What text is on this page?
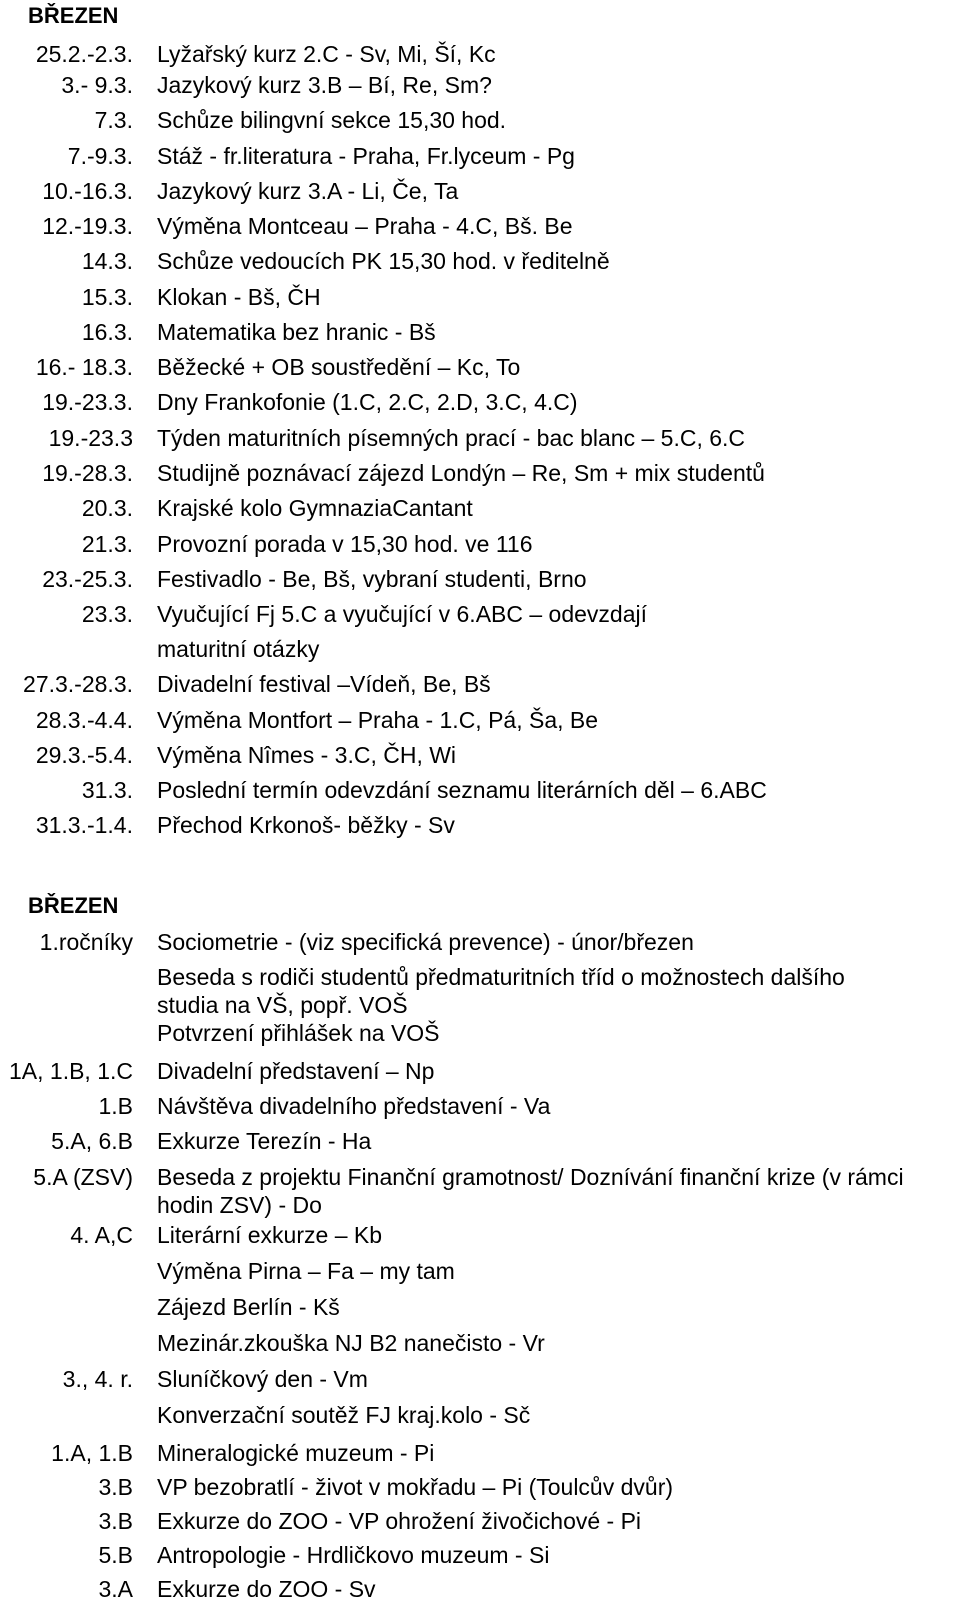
BŘEZEN
25.2.-2.3. Lyžařský kurz 2.C - Sv, Mi, Ší, Kc
3.- 9.3. Jazykový kurz 3.B – Bí, Re, Sm?
7.3. Schůze bilingvní sekce 15,30 hod.
7.-9.3. Stáž - fr.literatura - Praha, Fr.lyceum - Pg
10.-16.3. Jazykový kurz 3.A - Li, Če, Ta
12.-19.3. Výměna Montceau – Praha - 4.C, Bš. Be
14.3. Schůze vedoucích PK 15,30 hod. v ředitelně
15.3. Klokan - Bš, ČH
16.3. Matematika bez hranic - Bš
16.- 18.3. Běžecké + OB soustředění – Kc, To
19.-23.3. Dny Frankofonie (1.C, 2.C, 2.D, 3.C, 4.C)
19.-23.3 Týden maturitních písemných prací - bac blanc – 5.C, 6.C
19.-28.3. Studijně poznávací zájezd Londýn – Re, Sm + mix studentů
20.3. Krajské kolo GymnaziaCantant
21.3. Provozní porada v 15,30 hod. ve 116
23.-25.3. Festivadlo - Be, Bš, vybraní studenti, Brno
23.3. Vyučující Fj 5.C a vyučující v 6.ABC – odevzdají
maturitní otázky
27.3.-28.3. Divadelní festival –Vídeň, Be, Bš
28.3.-4.4. Výměna Montfort – Praha - 1.C, Pá, Ša, Be
29.3.-5.4. Výměna Nîmes - 3.C, ČH, Wi
31.3. Poslední termín odevzdání seznamu literárních děl – 6.ABC
31.3.-1.4. Přechod Krkonoš- běžky - Sv
BŘEZEN
1.ročníky Sociometrie - (viz specifická prevence) - únor/březen
Beseda s rodiči studentů předmaturitních tříd o možnostech dalšího
studia na VŠ, popř. VOŠ
Potvrzení přihlášek na VOŠ
1A, 1.B, 1.C Divadelní představení – Np
1.B Návštěva divadelního představení - Va
5.A, 6.B Exkurze Terezín - Ha
5.A (ZSV) Beseda z projektu Finanční gramotnost/ Doznívání finanční krize (v rámci
hodin ZSV) - Do
4. A,C Literární exkurze – Kb
Výměna Pirna – Fa – my tam
Zájezd Berlín - Kš
Mezinár.zkouška NJ B2 nanečisto - Vr
3., 4. r. Sluníčkový den - Vm
Konverzační soutěž FJ kraj.kolo - Sč
1.A, 1.B Mineralogické muzeum - Pi
3.B VP bezobratlí - život v mokřadu – Pi (Toulcův dvůr)
3.B Exkurze do ZOO - VP ohrožení živočichové - Pi
5.B Antropologie - Hrdličkovo muzeum - Si
3.A Exkurze do ZOO - Sv
